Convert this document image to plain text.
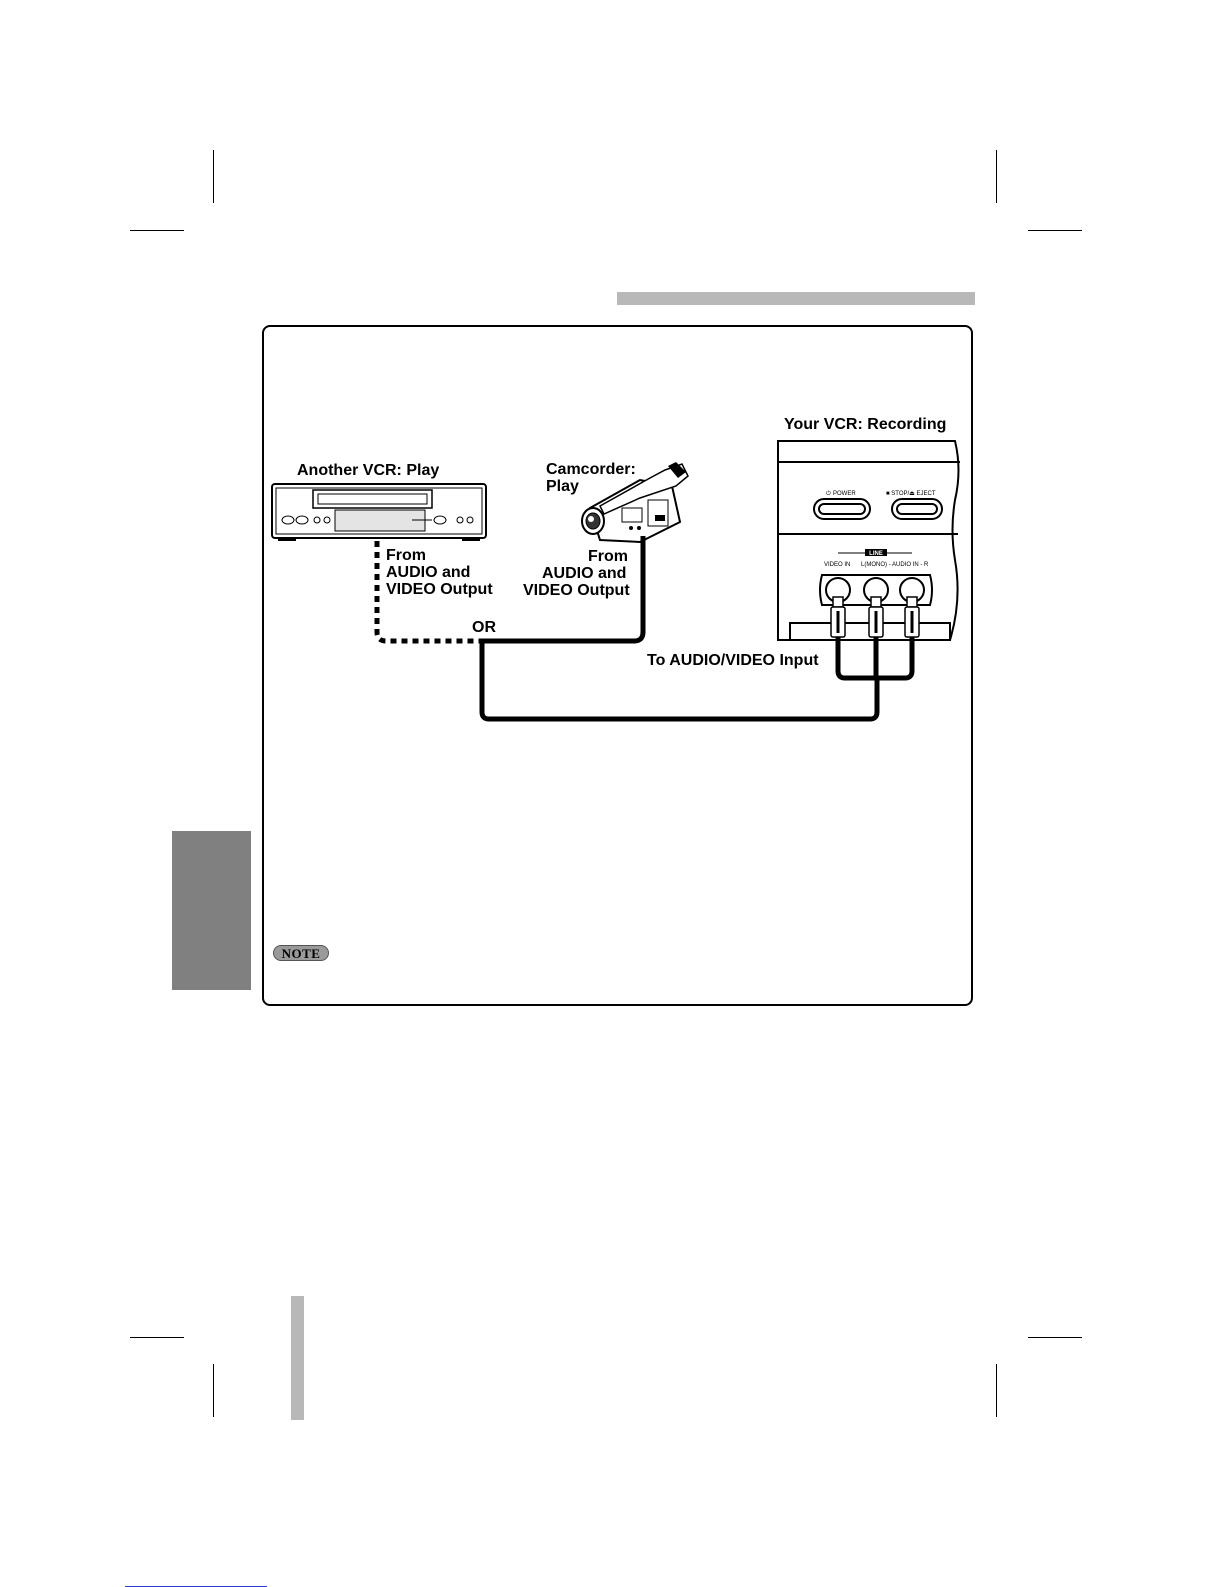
⏻ POWER	■ STOP/⏏ EJECT
LINE
VIDEO IN L(MONO) - AUDIO IN - R
Your VCR: Recording
Another VCR: Play	Camcorder:
Play
From
AUDIO and
VIDEO Output
From
AUDIO and
VIDEO Output
OR
To AUDIO/VIDEO Input
NOTE
